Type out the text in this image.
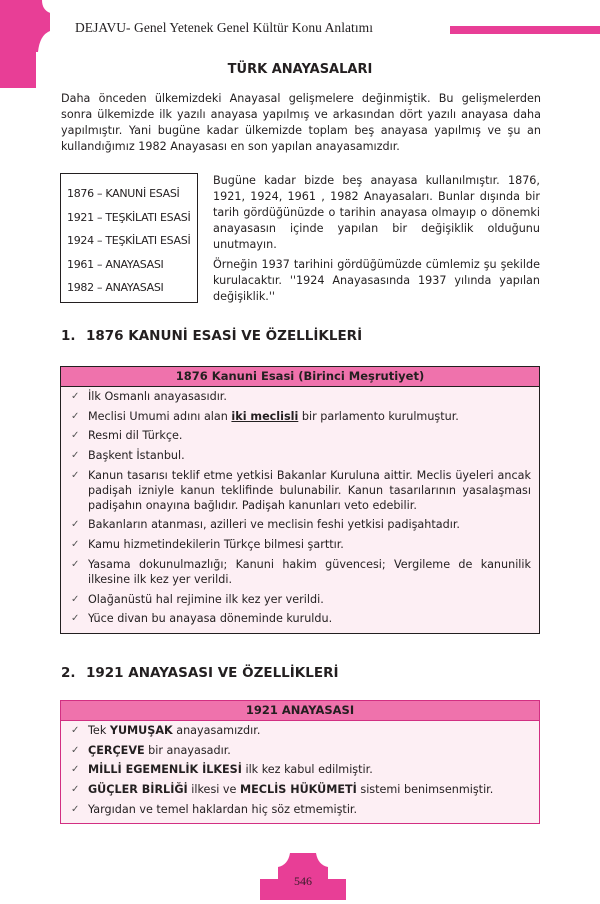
DEJAVU- Genel Yetenek Genel Kültür Konu Anlatımı
TÜRK ANAYASALARI

Daha önceden ülkemizdeki Anayasal gelişmelere değinmiştik. Bu gelişmelerden sonra ülkemizde ilk yazılı anayasa yapılmış ve arkasından dört yazılı anayasa daha yapılmıştır. Yani bugüne kadar ülkemizde toplam beş anayasa yapılmış ve şu an kullandığımız 1982 Anayasası en son yapılan anayasamızdır.

1876 – KANUNİ ESASİ
1921 – TEŞKİLATI ESASİ
1924 – TEŞKİLATI ESASİ
1961 – ANAYASASI
1982 – ANAYASASI

Bugüne kadar bizde beş anayasa kullanılmıştır. 1876, 1921, 1924, 1961 , 1982 Anayasaları. Bunlar dışında bir tarih gördüğünüzde o tarihin anayasa olmayıp o dönemki anayasasın içinde yapılan bir değişiklik olduğunu unutmayın.

Örneğin 1937 tarihini gördüğümüzde cümlemiz şu şekilde kurulacaktır. ''1924 Anayasasında 1937 yılında yapılan değişiklik.''

1. 1876 KANUNİ ESASİ VE ÖZELLİKLERİ
1876 Kanuni Esasi (Birinci Meşrutiyet)
✓ İlk Osmanlı anayasasıdır.
✓ Meclisi Umumi adını alan iki meclisli bir parlamento kurulmuştur.
✓ Resmi dil Türkçe.
✓ Başkent İstanbul.
✓ Kanun tasarısı teklif etme yetkisi Bakanlar Kuruluna aittir. Meclis üyeleri ancak padişah izniyle kanun teklifinde bulunabilir. Kanun tasarılarının yasalaşması padişahın onayına bağlıdır. Padişah kanunları veto edebilir.
✓ Bakanların atanması, azilleri ve meclisin feshi yetkisi padişahtadır.
✓ Kamu hizmetindekilerin Türkçe bilmesi şarttır.
✓ Yasama dokunulmazlığı; Kanuni hakim güvencesi; Vergileme de kanunilik ilkesine ilk kez yer verildi.
✓ Olağanüstü hal rejimine ilk kez yer verildi.
✓ Yüce divan bu anayasa döneminde kuruldu.
2. 1921 ANAYASASI VE ÖZELLİKLERİ
1921 ANAYASASI
✓ Tek YUMUŞAK anayasamızdır.
✓ ÇERÇEVE bir anayasadır.
✓ MİLLİ EGEMENLİK İLKESİ ilk kez kabul edilmiştir.
✓ GÜÇLER BİRLİĞİ ilkesi ve MECLİS HÜKÜMETİ sistemi benimsenmiştir.
✓ Yargıdan ve temel haklardan hiç söz etmemiştir.
546
